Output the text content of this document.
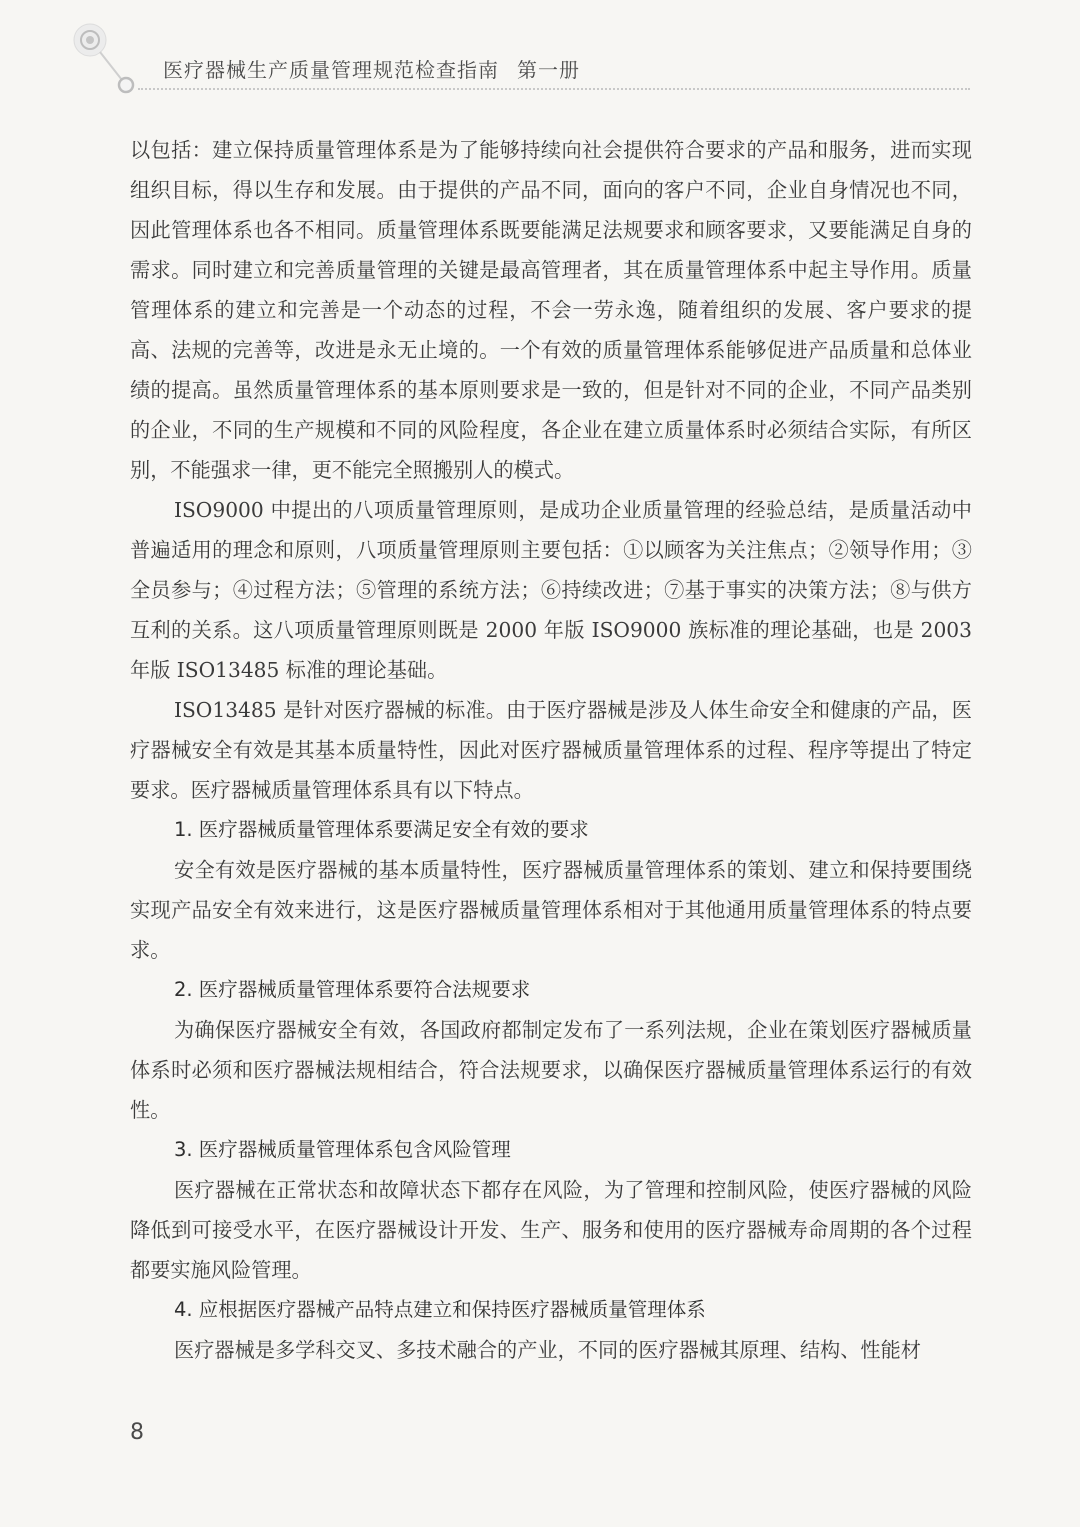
医疗器械生产质量管理规范检查指南 第一册

以包括：建立保持质量管理体系是为了能够持续向社会提供符合要求的产品和服务，进而实现组织目标，得以生存和发展。由于提供的产品不同，面向的客户不同，企业自身情况也不同，因此管理体系也各不相同。质量管理体系既要能满足法规要求和顾客要求，又要能满足自身的需求。同时建立和完善质量管理的关键是最高管理者，其在质量管理体系中起主导作用。质量管理体系的建立和完善是一个动态的过程，不会一劳永逸，随着组织的发展、客户要求的提高、法规的完善等，改进是永无止境的。一个有效的质量管理体系能够促进产品质量和总体业绩的提高。虽然质量管理体系的基本原则要求是一致的，但是针对不同的企业，不同产品类别的企业，不同的生产规模和不同的风险程度，各企业在建立质量体系时必须结合实际，有所区别，不能强求一律，更不能完全照搬别人的模式。

ISO9000 中提出的八项质量管理原则，是成功企业质量管理的经验总结，是质量活动中普遍适用的理念和原则，八项质量管理原则主要包括：①以顾客为关注焦点；②领导作用；③全员参与；④过程方法；⑤管理的系统方法；⑥持续改进；⑦基于事实的决策方法；⑧与供方互利的关系。这八项质量管理原则既是 2000 年版 ISO9000 族标准的理论基础，也是 2003 年版 ISO13485 标准的理论基础。

ISO13485 是针对医疗器械的标准。由于医疗器械是涉及人体生命安全和健康的产品，医疗器械安全有效是其基本质量特性，因此对医疗器械质量管理体系的过程、程序等提出了特定要求。医疗器械质量管理体系具有以下特点。

1. 医疗器械质量管理体系要满足安全有效的要求

安全有效是医疗器械的基本质量特性，医疗器械质量管理体系的策划、建立和保持要围绕实现产品安全有效来进行，这是医疗器械质量管理体系相对于其他通用质量管理体系的特点要求。

2. 医疗器械质量管理体系要符合法规要求

为确保医疗器械安全有效，各国政府都制定发布了一系列法规，企业在策划医疗器械质量体系时必须和医疗器械法规相结合，符合法规要求，以确保医疗器械质量管理体系运行的有效性。

3. 医疗器械质量管理体系包含风险管理

医疗器械在正常状态和故障状态下都存在风险，为了管理和控制风险，使医疗器械的风险降低到可接受水平，在医疗器械设计开发、生产、服务和使用的医疗器械寿命周期的各个过程都要实施风险管理。

4. 应根据医疗器械产品特点建立和保持医疗器械质量管理体系

医疗器械是多学科交叉、多技术融合的产业，不同的医疗器械其原理、结构、性能材

8
